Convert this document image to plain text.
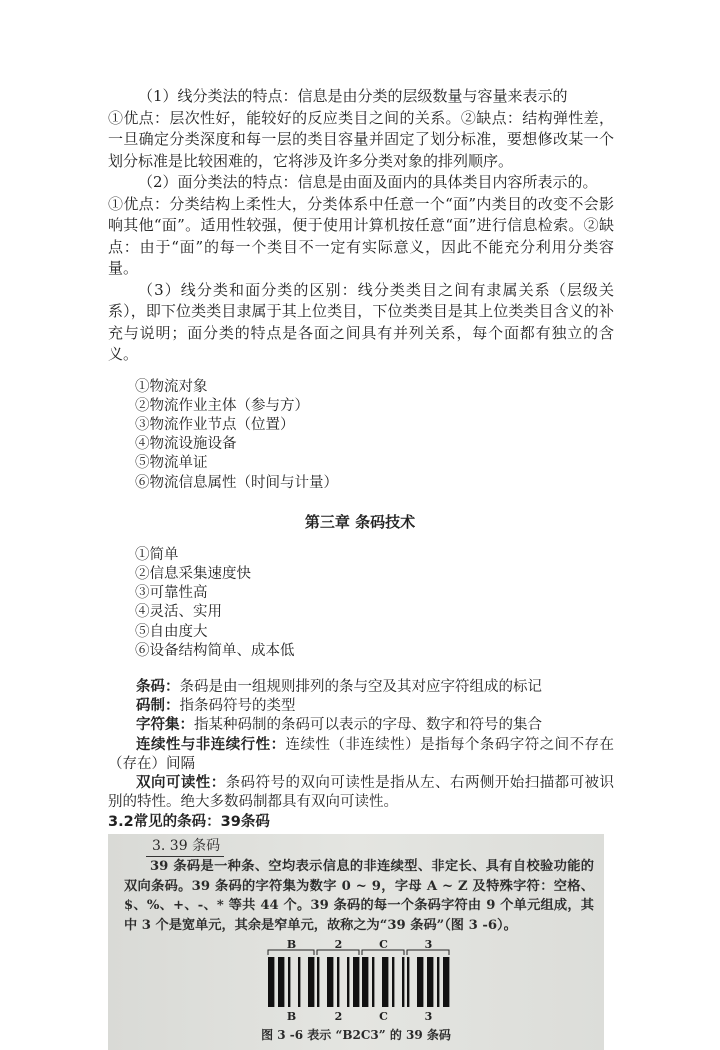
（1）线分类法的特点：信息是由分类的层级数量与容量来表示的

①优点：层次性好，能较好的反应类目之间的关系。②缺点：结构弹性差，一旦确定分类深度和每一层的类目容量并固定了划分标准，要想修改某一个划分标准是比较困难的，它将涉及许多分类对象的排列顺序。

（2）面分类法的特点：信息是由面及面内的具体类目内容所表示的。

①优点：分类结构上柔性大，分类体系中任意一个“面”内类目的改变不会影响其他“面”。适用性较强，便于使用计算机按任意“面”进行信息检索。②缺点：由于“面”的每一个类目不一定有实际意义，因此不能充分利用分类容量。

（3）线分类和面分类的区别：线分类类目之间有隶属关系（层级关系），即下位类类目隶属于其上位类目，下位类类目是其上位类类目含义的补充与说明；面分类的特点是各面之间具有并列关系，每个面都有独立的含义。

①物流对象
②物流作业主体（参与方）
③物流作业节点（位置）
④物流设施设备
⑤物流单证
⑥物流信息属性（时间与计量）
第三章 条码技术
①简单
②信息采集速度快
③可靠性高
④灵活、实用
⑤自由度大
⑥设备结构简单、成本低
条码：条码是由一组规则排列的条与空及其对应字符组成的标记
码制：指条码符号的类型
字符集：指某种码制的条码可以表示的字母、数字和符号的集合
连续性与非连续行性：连续性（非连续性）是指每个条码字符之间不存在（存在）间隔
双向可读性：条码符号的双向可读性是指从左、右两侧开始扫描都可被识别的特性。绝大多数码制都具有双向可读性。
3.2常见的条码：39条码
3. 39 条码
39 条码是一种条、空均表示信息的非连续型、非定长、具有自校验功能的双向条码。39 条码的字符集为数字 0 ~ 9，字母 A ~ Z 及特殊字符：空格、$、%、+、-、* 等共 44 个。39 条码的每一个条码字符由 9 个单元组成，其中 3 个是宽单元，其余是窄单元，故称之为“39 条码”（图 3 -6）。
B
B
2
2
C
C
3
3
图 3 -6 表示 “B2C3” 的 39 条码
